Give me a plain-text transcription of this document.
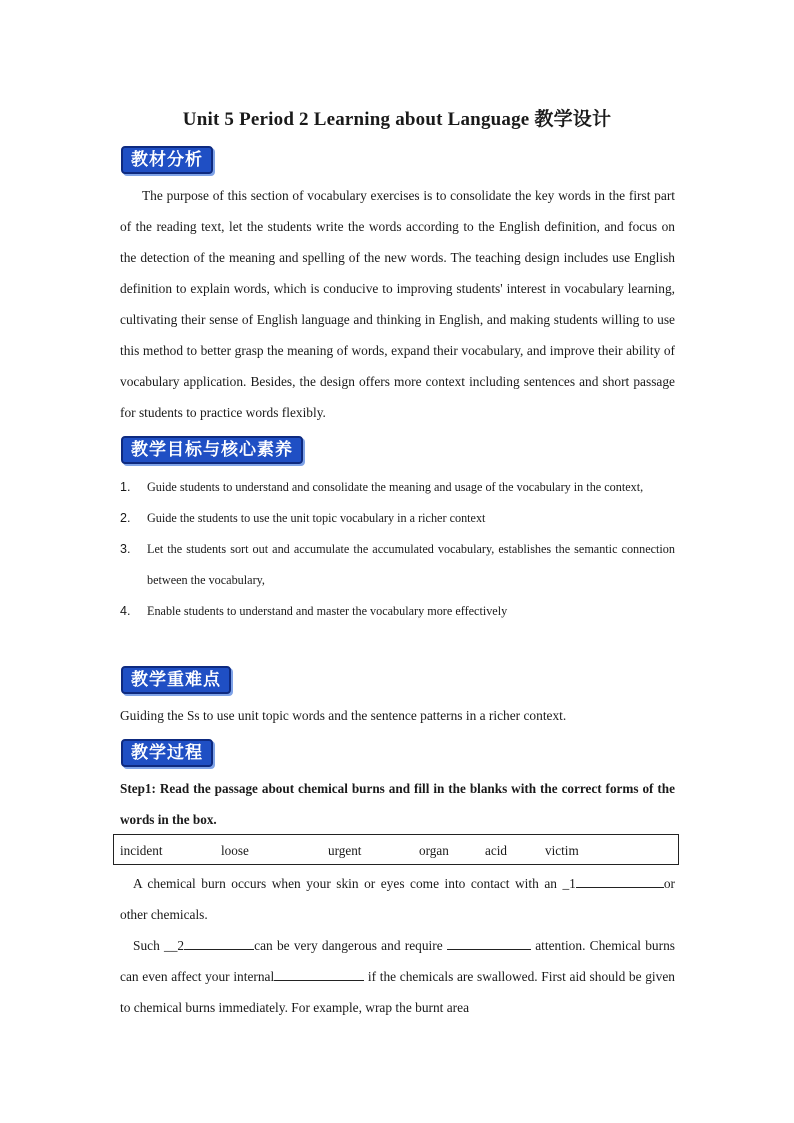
Unit 5 Period 2 Learning about Language 教学设计
教材分析

The purpose of this section of vocabulary exercises is to consolidate the key words in the first part of the reading text, let the students write the words according to the English definition, and focus on the detection of the meaning and spelling of the new words. The teaching design includes use English definition to explain words, which is conducive to improving students' interest in vocabulary learning, cultivating their sense of English language and thinking in English, and making students willing to use this method to better grasp the meaning of words, expand their vocabulary, and improve their ability of vocabulary application. Besides, the design offers more context including sentences and short passage for students to practice words flexibly.

教学目标与核心素养
1. Guide students to understand and consolidate the meaning and usage of the vocabulary in the context,
2. Guide the students to use the unit topic vocabulary in a richer context
3. Let the students sort out and accumulate the accumulated vocabulary, establishes the semantic connection between the vocabulary,
4. Enable students to understand and master the vocabulary more effectively
教学重难点

Guiding the Ss to use unit topic words and the sentence patterns in a richer context.

教学过程

Step1: Read the passage about chemical burns and fill in the blanks with the correct forms of the words in the box.

incident	loose	urgent	organ	acid	victim

A chemical burn occurs when your skin or eyes come into contact with an _1	or other chemicals.

Such __2	can be very dangerous and require	attention. Chemical burns can even affect your internal	if the chemicals are swallowed. First aid should be given to chemical burns immediately. For example, wrap the burnt area
